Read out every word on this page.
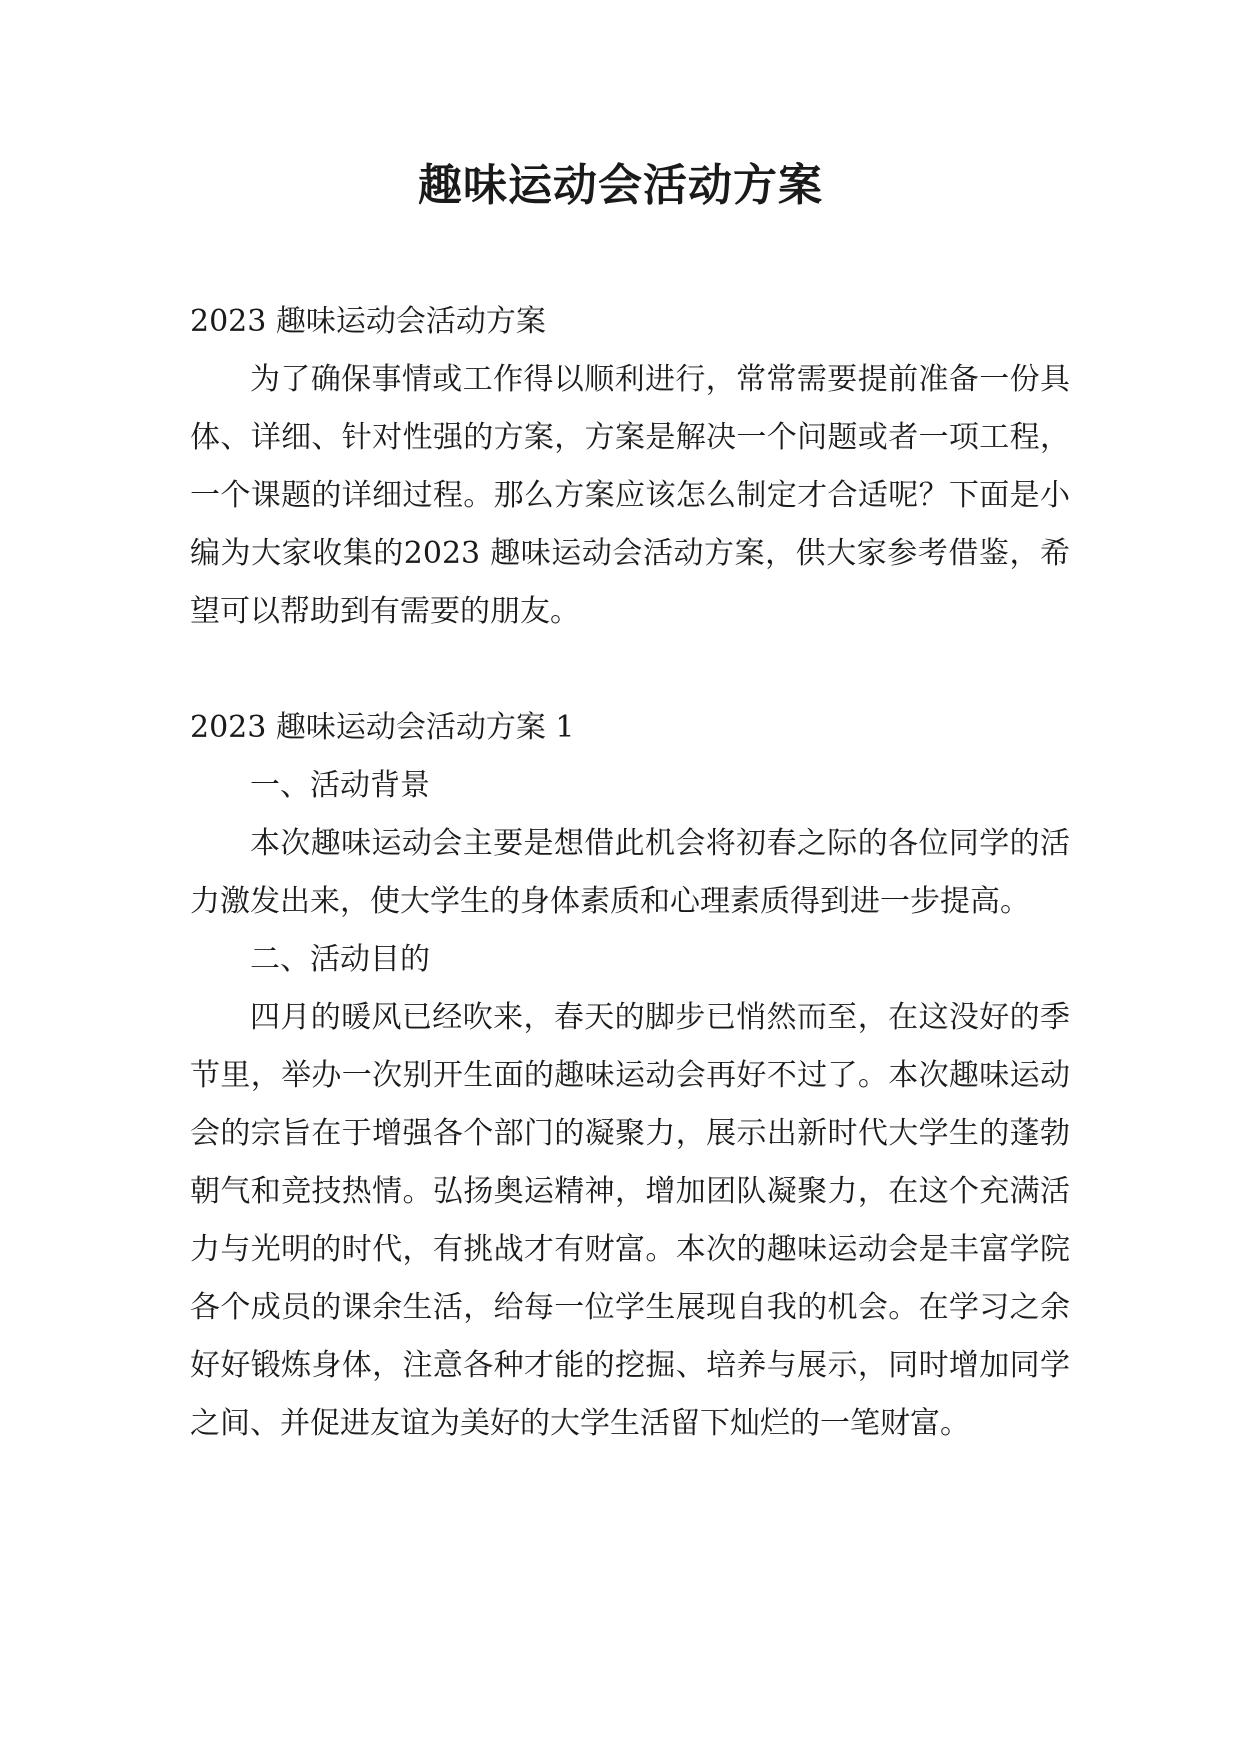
趣味运动会活动方案

2023 趣味运动会活动方案

为了确保事情或工作得以顺利进行，常常需要提前准备一份具体、详细、针对性强的方案，方案是解决一个问题或者一项工程，一个课题的详细过程。那么方案应该怎么制定才合适呢？下面是小编为大家收集的2023 趣味运动会活动方案，供大家参考借鉴，希望可以帮助到有需要的朋友。

2023 趣味运动会活动方案 1

一、活动背景

本次趣味运动会主要是想借此机会将初春之际的各位同学的活力激发出来，使大学生的身体素质和心理素质得到进一步提高。

二、活动目的

四月的暖风已经吹来，春天的脚步已悄然而至，在这没好的季节里，举办一次别开生面的趣味运动会再好不过了。本次趣味运动会的宗旨在于增强各个部门的凝聚力，展示出新时代大学生的蓬勃朝气和竞技热情。弘扬奥运精神，增加团队凝聚力，在这个充满活力与光明的时代，有挑战才有财富。本次的趣味运动会是丰富学院各个成员的课余生活，给每一位学生展现自我的机会。在学习之余好好锻炼身体，注意各种才能的挖掘、培养与展示，同时增加同学之间、并促进友谊为美好的大学生活留下灿烂的一笔财富。
